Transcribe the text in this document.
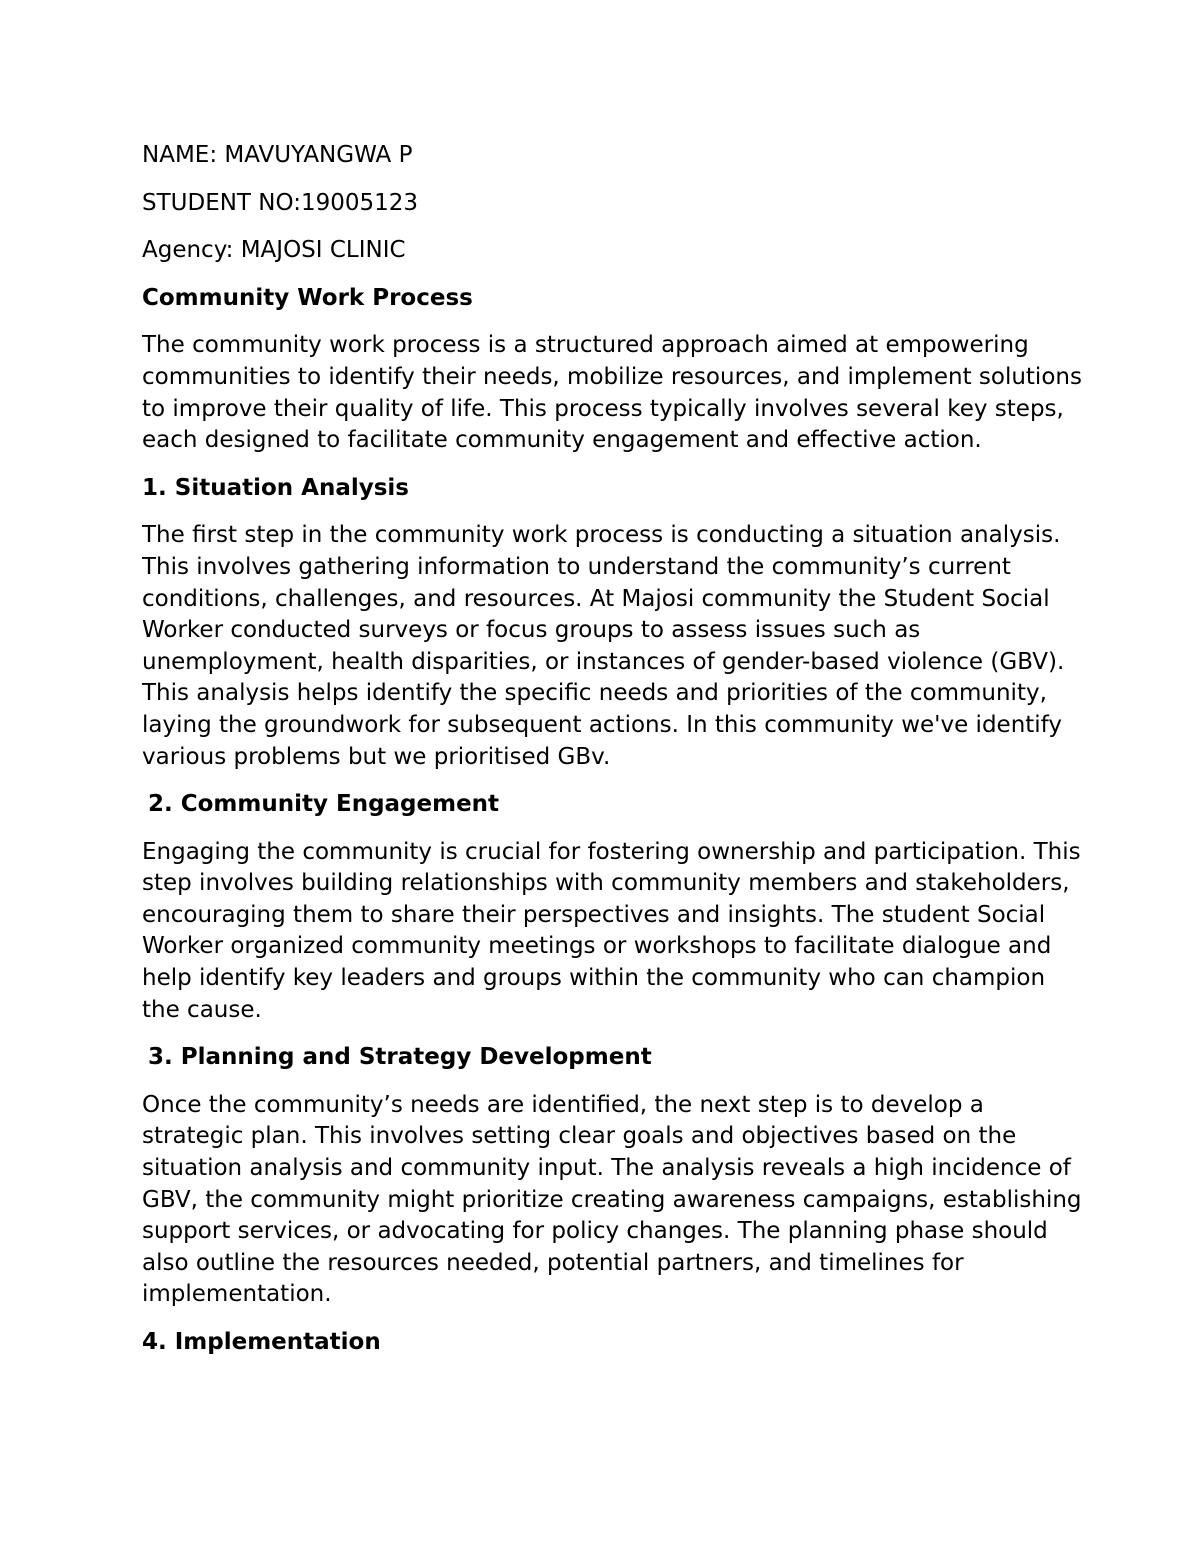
NAME: MAVUYANGWA P

STUDENT NO:19005123

Agency: MAJOSI CLINIC

Community Work Process

The community work process is a structured approach aimed at empowering communities to identify their needs, mobilize resources, and implement solutions to improve their quality of life. This process typically involves several key steps, each designed to facilitate community engagement and effective action.

1. Situation Analysis

The first step in the community work process is conducting a situation analysis. This involves gathering information to understand the community’s current conditions, challenges, and resources. At Majosi community the Student Social Worker conducted surveys or focus groups to assess issues such as unemployment, health disparities, or instances of gender-based violence (GBV). This analysis helps identify the specific needs and priorities of the community, laying the groundwork for subsequent actions. In this community we've identify various problems but we prioritised GBv.

2. Community Engagement

Engaging the community is crucial for fostering ownership and participation. This step involves building relationships with community members and stakeholders, encouraging them to share their perspectives and insights. The student Social Worker organized community meetings or workshops to facilitate dialogue and help identify key leaders and groups within the community who can champion the cause.

3. Planning and Strategy Development

Once the community’s needs are identified, the next step is to develop a strategic plan. This involves setting clear goals and objectives based on the situation analysis and community input. The analysis reveals a high incidence of GBV, the community might prioritize creating awareness campaigns, establishing support services, or advocating for policy changes. The planning phase should also outline the resources needed, potential partners, and timelines for implementation.

4. Implementation
